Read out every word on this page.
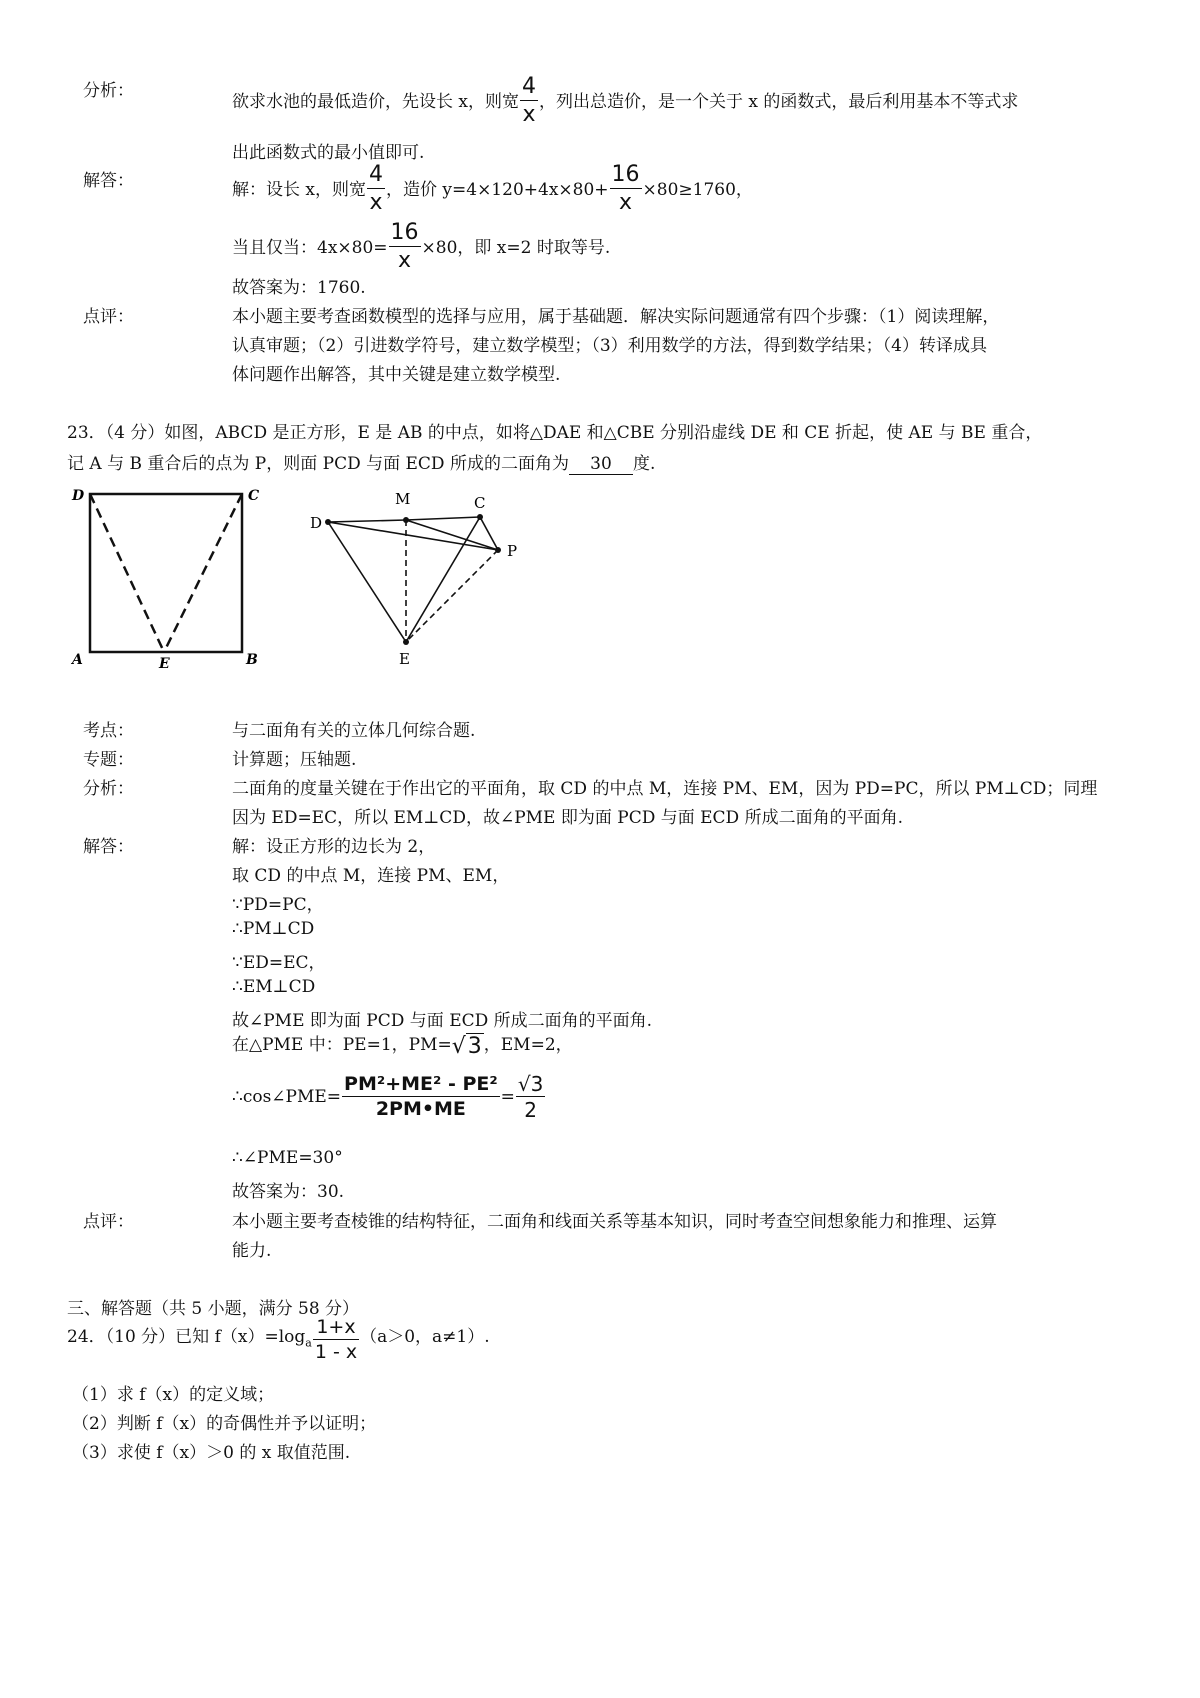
分析：
欲求水池的最低造价，先设长 x，则宽 $\frac{4}{x}$ ，列出总造价，是一个关于 x 的函数式，最后利用基本不等式求
出此函数式的最小值即可.
解答：	解：设长 x，则宽 $\frac{4}{x}$ ，造价 $y=4\times 120+4x\times 80+ \frac{16}{x} \times 80\ge 1760$，
当且仅当：$4x\times 80= \frac{16}{x} \times 80$，即 x=2 时取等号.
故答案为：1760.
点评：	本小题主要考查函数模型的选择与应用，属于基础题．解决实际问题通常有四个步骤：（1）阅读理解，
认真审题；（2）引进数学符号，建立数学模型；（3）利用数学的方法，得到数学结果；（4）转译成具
体问题作出解答，其中关键是建立数学模型.
23．（4 分）如图，ABCD 是正方形，E 是 AB 的中点，如将△DAE 和△CBE 分别沿虚线 DE 和 CE 折起，使 AE 与 BE 重合，
记 A 与 B 重合后的点为 P，则面 PCD 与面 ECD 所成的二面角为 30 度.
D	C
A	E	B
M	C
D
P
E
考点：	与二面角有关的立体几何综合题.
专题：	计算题；压轴题.
分析：	二面角的度量关键在于作出它的平面角，取 CD 的中点 M，连接 PM、EM，因为 PD=PC，所以 PM⊥CD；同理
因为 ED=EC，所以 EM⊥CD，故∠PME 即为面 PCD 与面 ECD 所成二面角的平面角.
解答：	解：设正方形的边长为 2，
取 CD 的中点 M，连接 PM、EM，
∵PD=PC，
∴PM⊥CD
∵ED=EC，
∴EM⊥CD
故∠PME 即为面 PCD 与面 ECD 所成二面角的平面角.
在△PME 中：PE=1，PM=√3 ，EM=2，
∴cos∠PME= $\frac{\text{PM²+ME² - PE²}}{2PM•ME} = \frac{√3}{2}$
∴∠PME=30°
故答案为：30.
点评：	本小题主要考查棱锥的结构特征，二面角和线面关系等基本知识，同时考查空间想象能力和推理、运算
能力.
三、解答题（共 5 小题，满分 58 分）
24．（10 分）已知 $f(x)=\log_a \frac{1+x}{1 - x} (a>0$，a≠1）.
（1）求 f（x）的定义域；
（2）判断 f（x）的奇偶性并予以证明；
（3）求使 f（x）＞0 的 x 取值范围.
